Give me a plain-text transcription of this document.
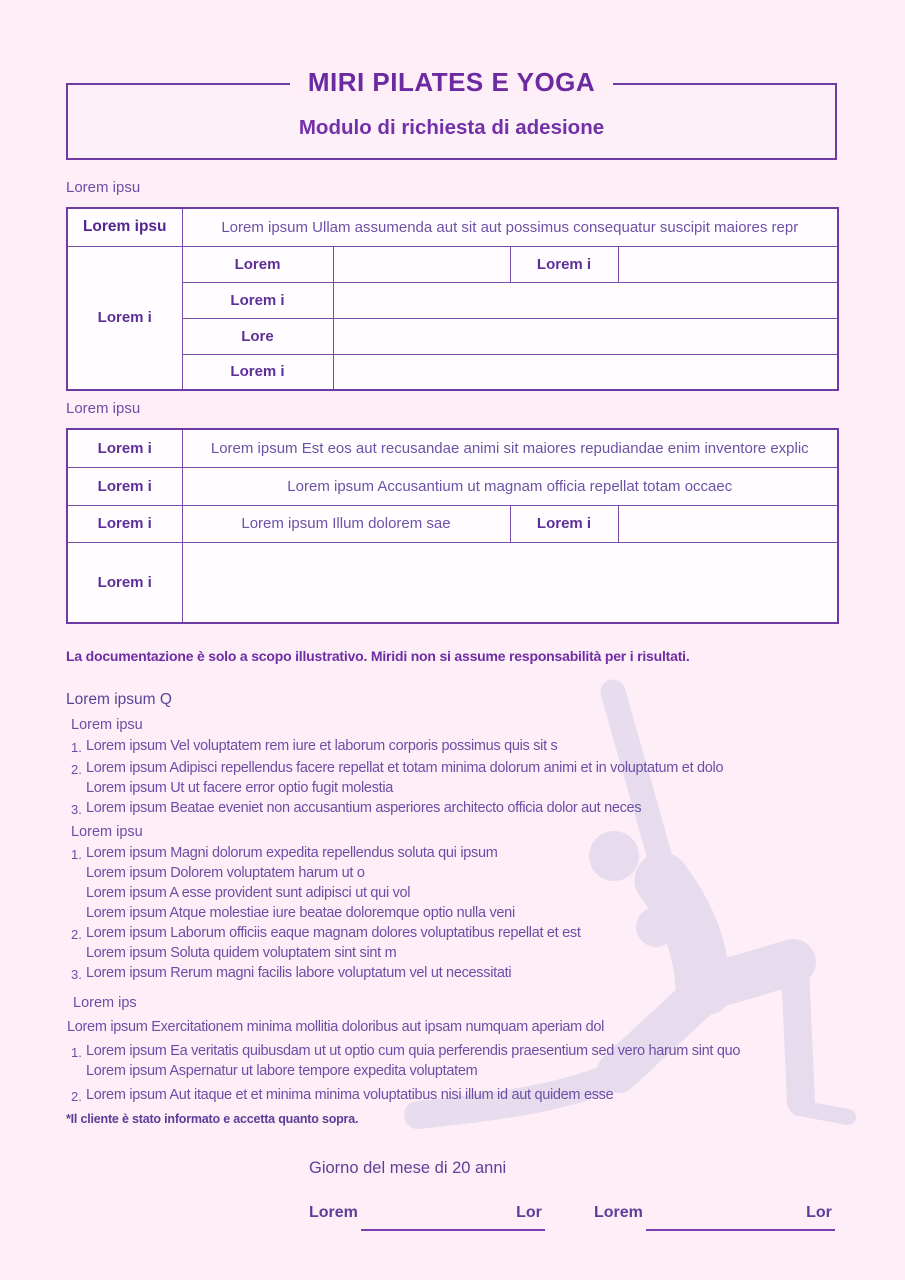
MIRI PILATES E YOGA
Modulo di richiesta di adesione
Lorem ipsu
Lorem ipsu	Lorem ipsum Ullam assumenda aut sit aut possimus consequatur suscipit maiores repr			
Lorem i	Lorem		Lorem i	
	Lorem i			
	Lore			
	Lorem i			
Lorem ipsu
Lorem i	Lorem ipsum Est eos aut recusandae animi sit maiores repudiandae enim inventore explic		
Lorem i	Lorem ipsum Accusantium ut magnam officia repellat totam occaec		
Lorem i	Lorem ipsum Illum dolorem sae	Lorem i	
Lorem i			
La documentazione è solo a scopo illustrativo. Miridi non si assume responsabilità per i risultati.
Lorem ipsum Q
Lorem ipsu
1. Lorem ipsum Vel voluptatem rem iure et laborum corporis possimus quis sit s
2. Lorem ipsum Adipisci repellendus facere repellat et totam minima dolorum animi et in voluptatum et dolo
Lorem ipsum Ut ut facere error optio fugit molestia
3. Lorem ipsum Beatae eveniet non accusantium asperiores architecto officia dolor aut neces
Lorem ipsu
1. Lorem ipsum Magni dolorum expedita repellendus soluta qui ipsum
Lorem ipsum Dolorem voluptatem harum ut o
Lorem ipsum A esse provident sunt adipisci ut qui vol
Lorem ipsum Atque molestiae iure beatae doloremque optio nulla veni
2. Lorem ipsum Laborum officiis eaque magnam dolores voluptatibus repellat et est
Lorem ipsum Soluta quidem voluptatem sint sint m
3. Lorem ipsum Rerum magni facilis labore voluptatum vel ut necessitati
Lorem ips
Lorem ipsum Exercitationem minima mollitia doloribus aut ipsam numquam aperiam dol
1. Lorem ipsum Ea veritatis quibusdam ut ut optio cum quia perferendis praesentium sed vero harum sint quo
Lorem ipsum Aspernatur ut labore tempore expedita voluptatem
2. Lorem ipsum Aut itaque et et minima minima voluptatibus nisi illum id aut quidem esse
*Il cliente è stato informato e accetta quanto sopra.
Giorno del mese di 20 anni
Lorem	Lor	Lorem	Lor
